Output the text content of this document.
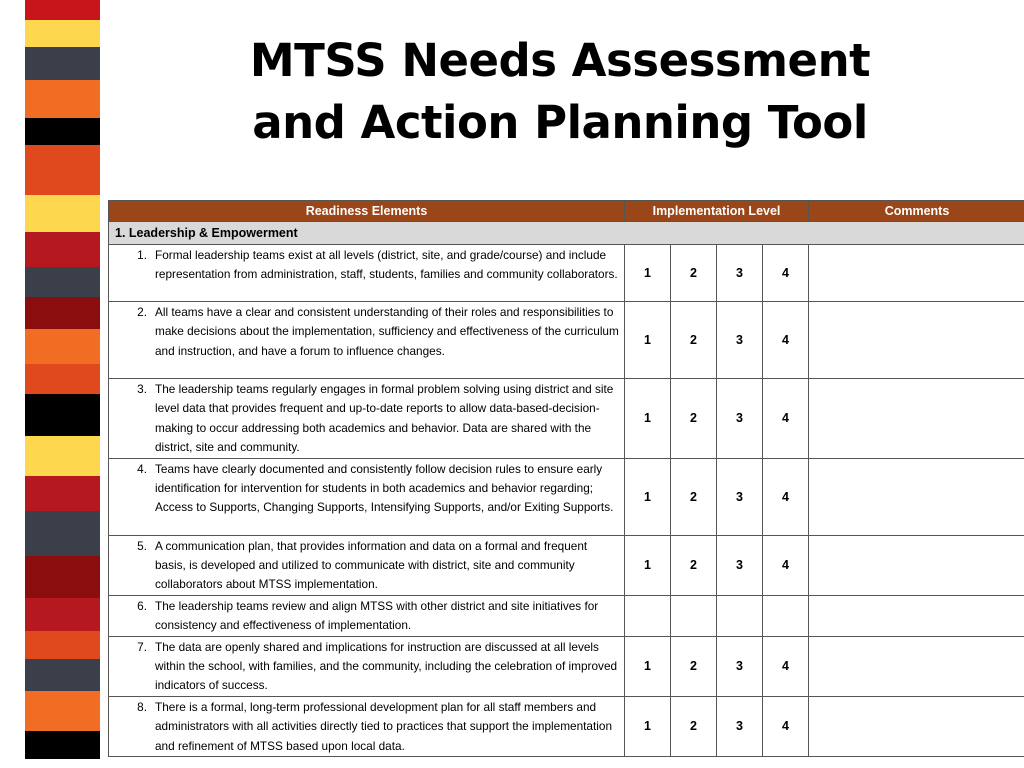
MTSS Needs Assessment
and Action Planning Tool
Readiness Elements	Implementation Level				Comments
1. Leadership & Empowerment					

1. Formal leadership teams exist at all levels (district, site, and grade/course) and include representation from administration, staff, students, families and community collaborators.	1	2	3	4	

2. All teams have a clear and consistent understanding of their roles and responsibilities to make decisions about the implementation, sufficiency and effectiveness of the curriculum and instruction, and have a forum to influence changes.	1	2	3	4	

3. The leadership teams regularly engages in formal problem solving using district and site level data that provides frequent and up-to-date reports to allow data-based-decision-making to occur addressing both academics and behavior. Data are shared with the district, site and community.	1	2	3	4	

4. Teams have clearly documented and consistently follow decision rules to ensure early identification for intervention for students in both academics and behavior regarding; Access to Supports, Changing Supports, Intensifying Supports, and/or Exiting Supports.	1	2	3	4	

5. A communication plan, that provides information and data on a formal and frequent basis, is developed and utilized to communicate with district, site and community collaborators about MTSS implementation.	1	2	3	4	

6. The leadership teams review and align MTSS with other district and site initiatives for consistency and effectiveness of implementation.					

7. The data are openly shared and implications for instruction are discussed at all levels within the school, with families, and the community, including the celebration of improved indicators of success.	1	2	3	4	

8. There is a formal, long-term professional development plan for all staff members and administrators with all activities directly tied to practices that support the implementation and refinement of MTSS based upon local data.	1	2	3	4	
